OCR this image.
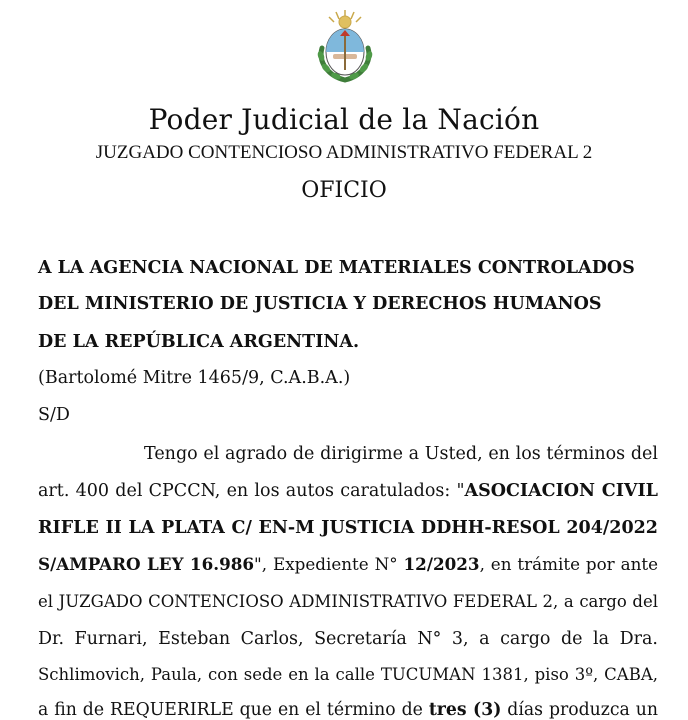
Poder Judicial de la Nación
JUZGADO CONTENCIOSO ADMINISTRATIVO FEDERAL 2
OFICIO
A LA AGENCIA NACIONAL DE MATERIALES CONTROLADOS
DEL MINISTERIO DE JUSTICIA Y DERECHOS HUMANOS
DE LA REPÚBLICA ARGENTINA.
(Bartolomé Mitre 1465/9, C.A.B.A.)
S/D
Tengo el agrado de dirigirme a Usted, en los términos del
art. 400 del CPCCN, en los autos caratulados: "ASOCIACION CIVIL
RIFLE II LA PLATA C/ EN-M JUSTICIA DDHH-RESOL 204/2022
S/AMPARO LEY 16.986", Expediente N° 12/2023, en trámite por ante
el JUZGADO CONTENCIOSO ADMINISTRATIVO FEDERAL 2, a cargo del
Dr. Furnari, Esteban Carlos, Secretaría N° 3, a cargo de la Dra.
Schlimovich, Paula, con sede en la calle TUCUMAN 1381, piso 3º, CABA,
a fin de REQUERIRLE que en el término de tres (3) días produzca un
